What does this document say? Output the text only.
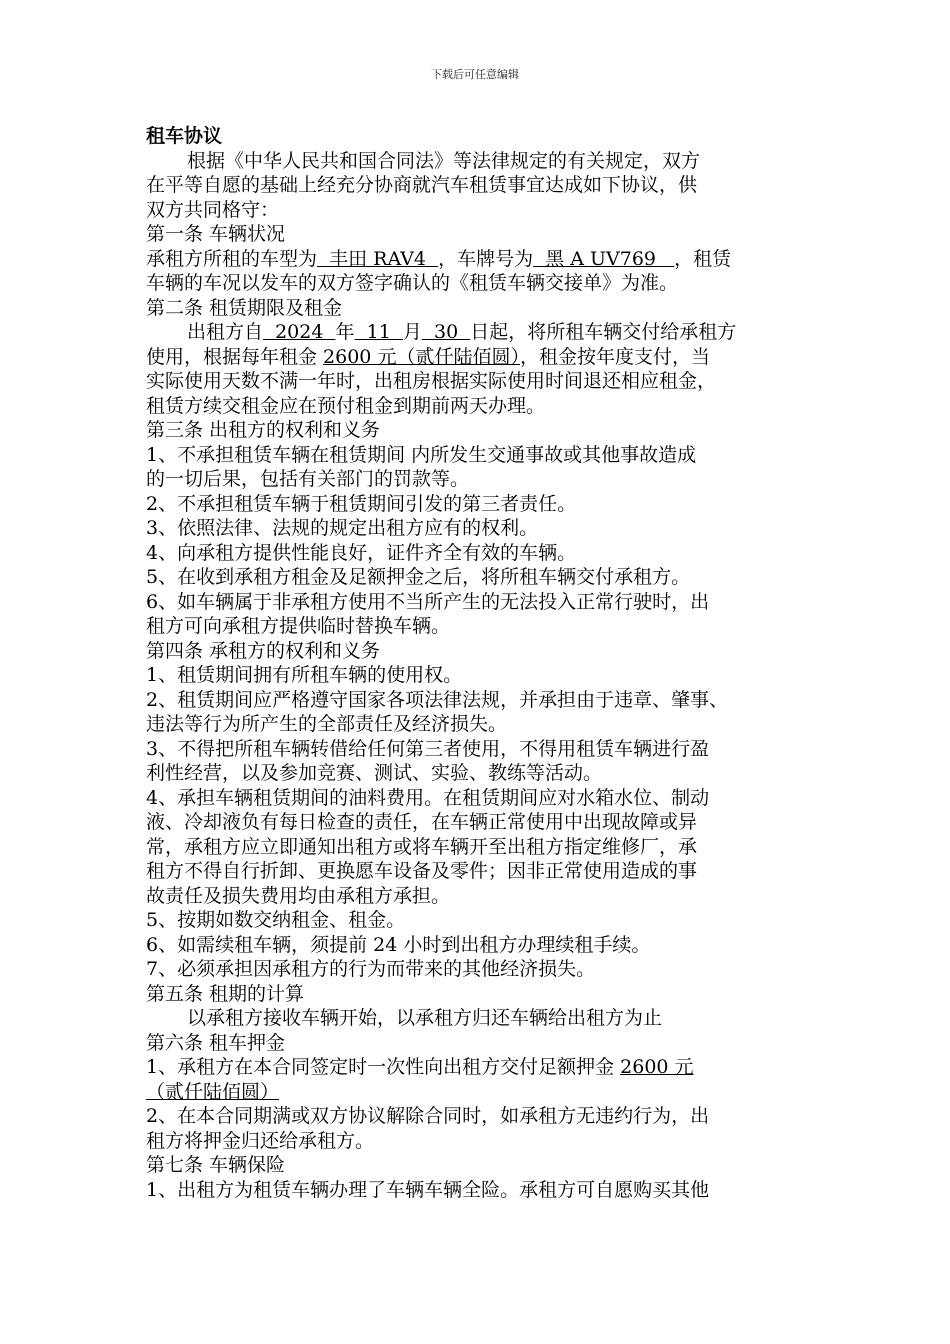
下载后可任意编辑
租车协议
根据《中华人民共和国合同法》等法律规定的有关规定，双方
在平等自愿的基础上经充分协商就汽车租赁事宜达成如下协议，供
双方共同格守：
第一条 车辆状况
承租方所租的车型为  丰田 RAV4  ，车牌号为  黑 A UV769   ，租赁
车辆的车况以发车的双方签字确认的《租赁车辆交接单》为准。
第二条 租赁期限及租金
出租方自  2024  年  11  月  30  日起，将所租车辆交付给承租方
使用，根据每年租金 2600 元（贰仟陆佰圆），租金按年度支付，当
实际使用天数不满一年时，出租房根据实际使用时间退还相应租金，
租赁方续交租金应在预付租金到期前两天办理。
第三条 出租方的权利和义务
1、不承担租赁车辆在租赁期间 内所发生交通事故或其他事故造成
的一切后果，包括有关部门的罚款等。
2、不承担租赁车辆于租赁期间引发的第三者责任。
3、依照法律、法规的规定出租方应有的权利。
4、向承租方提供性能良好，证件齐全有效的车辆。
5、在收到承租方租金及足额押金之后，将所租车辆交付承租方。
6、如车辆属于非承租方使用不当所产生的无法投入正常行驶时，出
租方可向承租方提供临时替换车辆。
第四条 承租方的权利和义务
1、租赁期间拥有所租车辆的使用权。
2、租赁期间应严格遵守国家各项法律法规，并承担由于违章、肇事、
违法等行为所产生的全部责任及经济损失。
3、不得把所租车辆转借给任何第三者使用，不得用租赁车辆进行盈
利性经营，以及参加竞赛、测试、实验、教练等活动。
4、承担车辆租赁期间的油料费用。在租赁期间应对水箱水位、制动
液、冷却液负有每日检查的责任，在车辆正常使用中出现故障或异
常，承租方应立即通知出租方或将车辆开至出租方指定维修厂，承
租方不得自行折卸、更换愿车设备及零件；因非正常使用造成的事
故责任及损失费用均由承租方承担。
5、按期如数交纳租金、租金。
6、如需续租车辆，须提前 24 小时到出租方办理续租手续。
7、必须承担因承租方的行为而带来的其他经济损失。
第五条 租期的计算
以承租方接收车辆开始，以承租方归还车辆给出租方为止
第六条 租车押金
1、承租方在本合同签定时一次性向出租方交付足额押金 2600 元
（贰仟陆佰圆）
2、在本合同期满或双方协议解除合同时，如承租方无违约行为，出
租方将押金归还给承租方。
第七条 车辆保险
1、出租方为租赁车辆办理了车辆车辆全险。承租方可自愿购买其他
